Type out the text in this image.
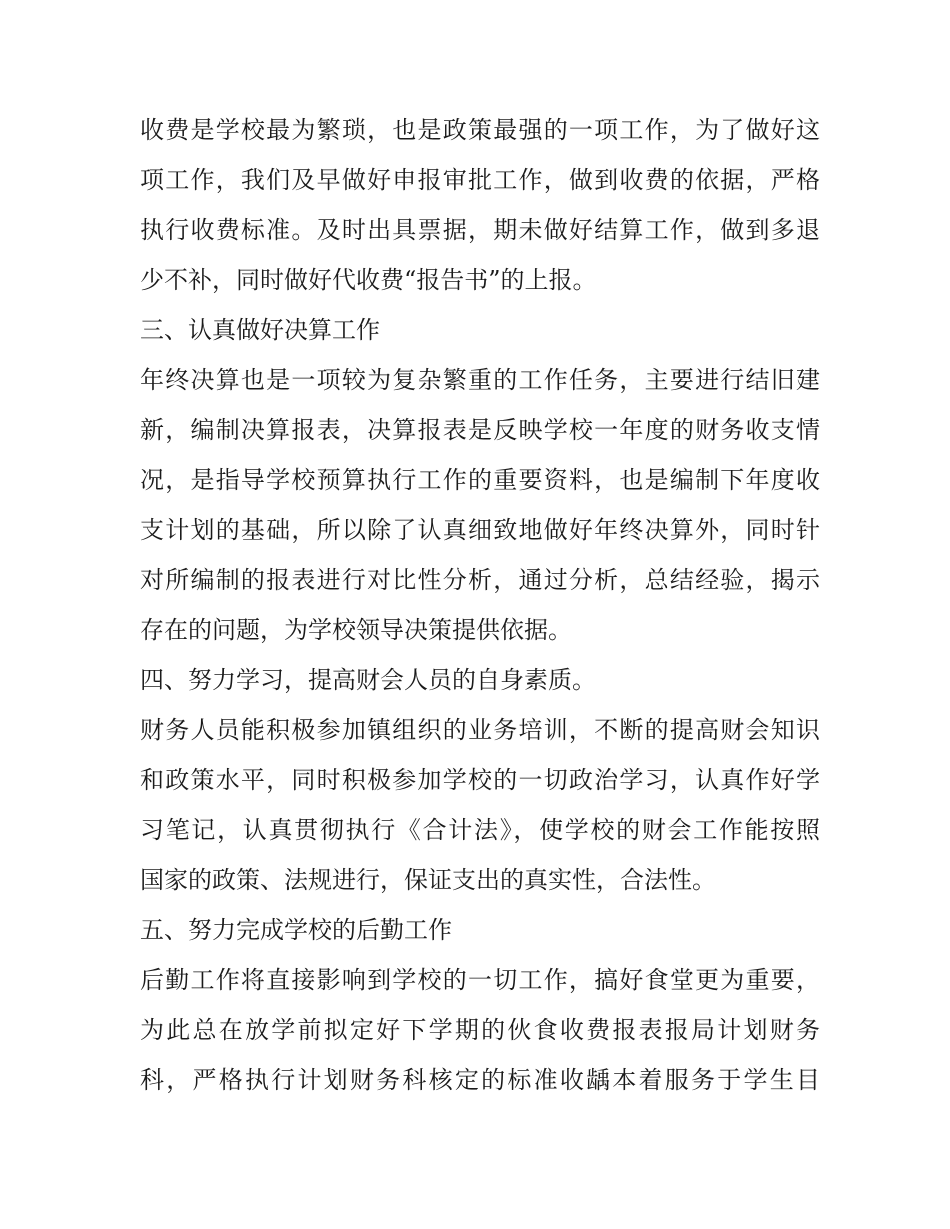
收费是学校最为繁琐，也是政策最强的一项工作，为了做好这
项工作，我们及早做好申报审批工作，做到收费的依据，严格
执行收费标准。及时出具票据，期未做好结算工作，做到多退
少不补，同时做好代收费“报告书”的上报。
三、认真做好决算工作
年终决算也是一项较为复杂繁重的工作任务，主要进行结旧建
新，编制决算报表，决算报表是反映学校一年度的财务收支情
况，是指导学校预算执行工作的重要资料，也是编制下年度收
支计划的基础，所以除了认真细致地做好年终决算外，同时针
对所编制的报表进行对比性分析，通过分析，总结经验，揭示
存在的问题，为学校领导决策提供依据。
四、努力学习，提高财会人员的自身素质。
财务人员能积极参加镇组织的业务培训，不断的提高财会知识
和政策水平，同时积极参加学校的一切政治学习，认真作好学
习笔记，认真贯彻执行《合计法》，使学校的财会工作能按照
国家的政策、法规进行，保证支出的真实性，合法性。
五、努力完成学校的后勤工作
后勤工作将直接影响到学校的一切工作，搞好食堂更为重要，
为此总在放学前拟定好下学期的伙食收费报表报局计划财务
科，严格执行计划财务科核定的标准收龋本着服务于学生目
